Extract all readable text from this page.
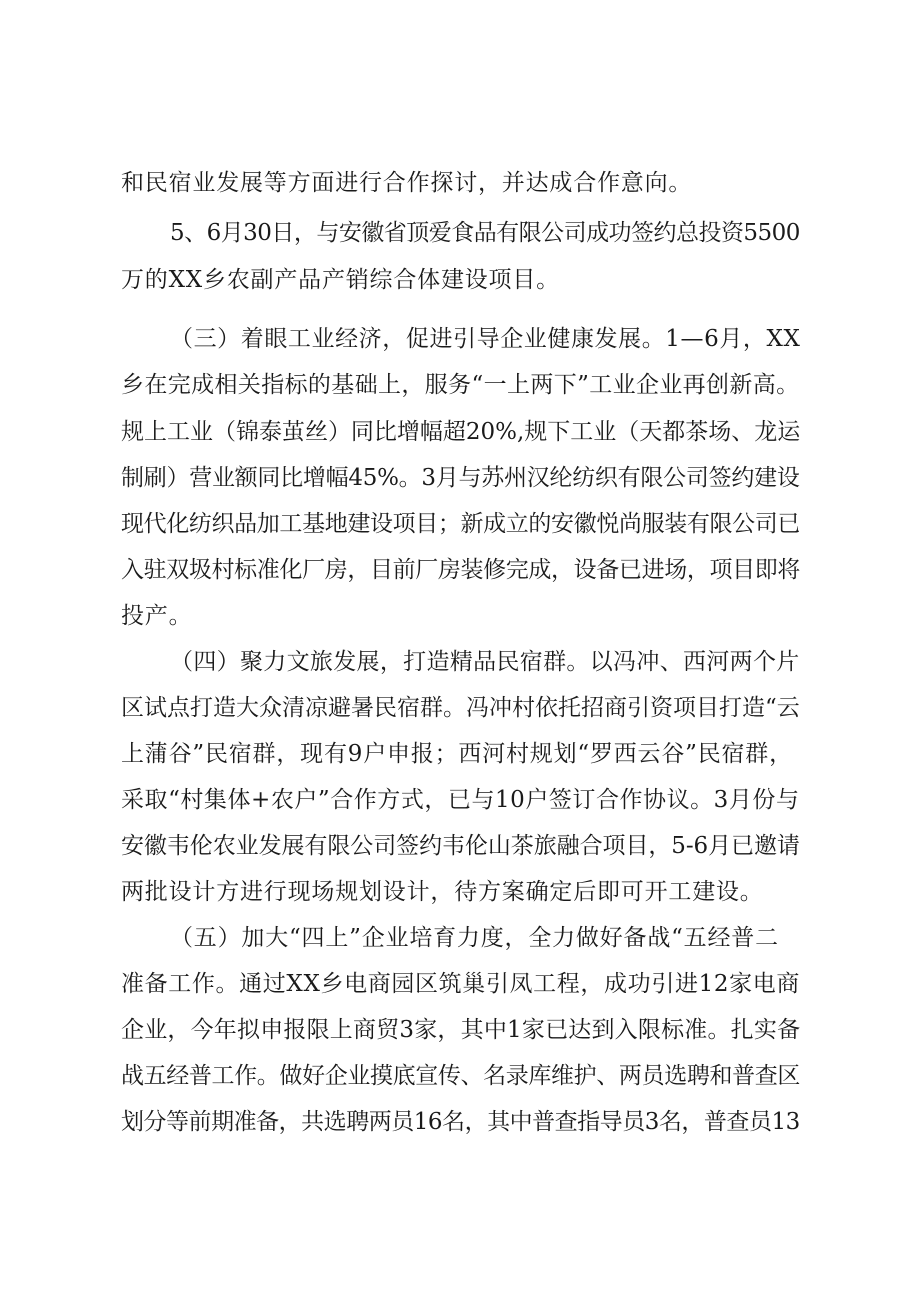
和民宿业发展等方面进行合作探讨，并达成合作意向。
5、6月30日，与安徽省顶爱食品有限公司成功签约总投资5500
万的XX乡农副产品产销综合体建设项目。
（三）着眼工业经济，促进引导企业健康发展。1—6月，XX
乡在完成相关指标的基础上，服务“一上两下”工业企业再创新高。
规上工业（锦泰茧丝）同比增幅超20%,规下工业（天都茶场、龙运
制刷）营业额同比增幅45%。3月与苏州汉纶纺织有限公司签约建设
现代化纺织品加工基地建设项目；新成立的安徽悦尚服装有限公司已
入驻双圾村标准化厂房，目前厂房装修完成，设备已进场，项目即将
投产。
（四）聚力文旅发展，打造精品民宿群。以冯冲、西河两个片
区试点打造大众清凉避暑民宿群。冯冲村依托招商引资项目打造“云
上蒲谷”民宿群，现有9户申报；西河村规划“罗西云谷”民宿群，
采取“村集体+农户”合作方式，已与10户签订合作协议。3月份与
安徽韦伦农业发展有限公司签约韦伦山茶旅融合项目，5-6月已邀请
两批设计方进行现场规划设计，待方案确定后即可开工建设。
（五）加大“四上”企业培育力度，全力做好备战“五经普二
准备工作。通过XX乡电商园区筑巢引凤工程，成功引进12家电商
企业，今年拟申报限上商贸3家，其中1家已达到入限标准。扎实备
战五经普工作。做好企业摸底宣传、名录库维护、两员选聘和普查区
划分等前期准备，共选聘两员16名，其中普查指导员3名，普查员13
